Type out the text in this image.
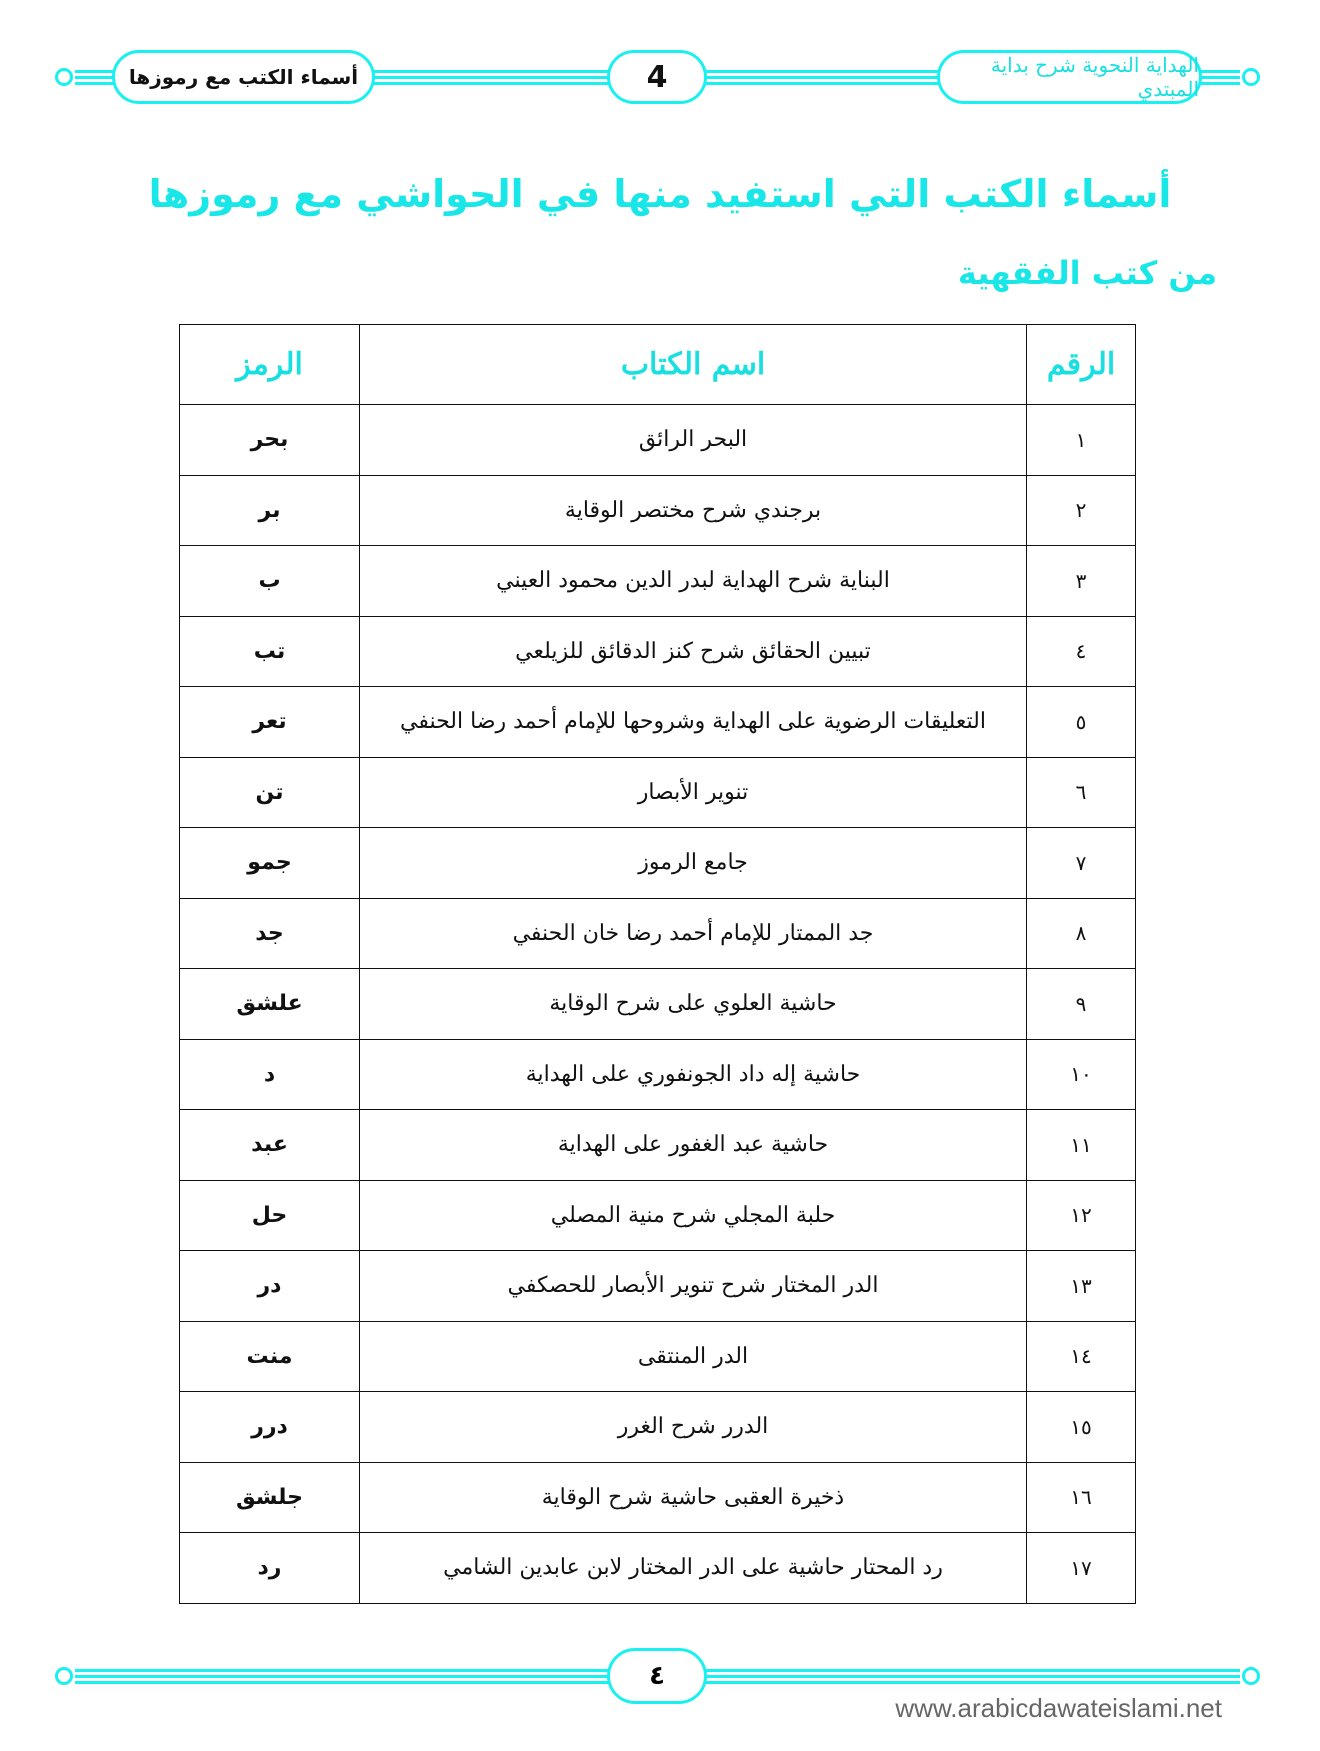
أسماء الكتب مع رموزها	4	الهداية النحوية شرح بداية المبتدي
أسماء الكتب التي استفيد منها في الحواشي مع رموزها
من كتب الفقهية
الرقم	اسم الكتاب	الرمز
١	البحر الرائق	بحر
٢	برجندي شرح مختصر الوقاية	بر
٣	البناية شرح الهداية لبدر الدين محمود العيني	ب
٤	تبيين الحقائق شرح كنز الدقائق للزيلعي	تب
٥	التعليقات الرضوية على الهداية وشروحها للإمام أحمد رضا الحنفي	تعر
٦	تنوير الأبصار	تن
٧	جامع الرموز	جمو
٨	جد الممتار للإمام أحمد رضا خان الحنفي	جد
٩	حاشية العلوي على شرح الوقاية	علشق
١٠	حاشية إله داد الجونفوري على الهداية	د
١١	حاشية عبد الغفور على الهداية	عبد
١٢	حلبة المجلي شرح منية المصلي	حل
١٣	الدر المختار شرح تنوير الأبصار للحصكفي	در
١٤	الدر المنتقى	منت
١٥	الدرر شرح الغرر	درر
١٦	ذخيرة العقبى حاشية شرح الوقاية	جلشق
١٧	رد المحتار حاشية على الدر المختار لابن عابدين الشامي	رد
٤
www.arabicdawateislami.net
